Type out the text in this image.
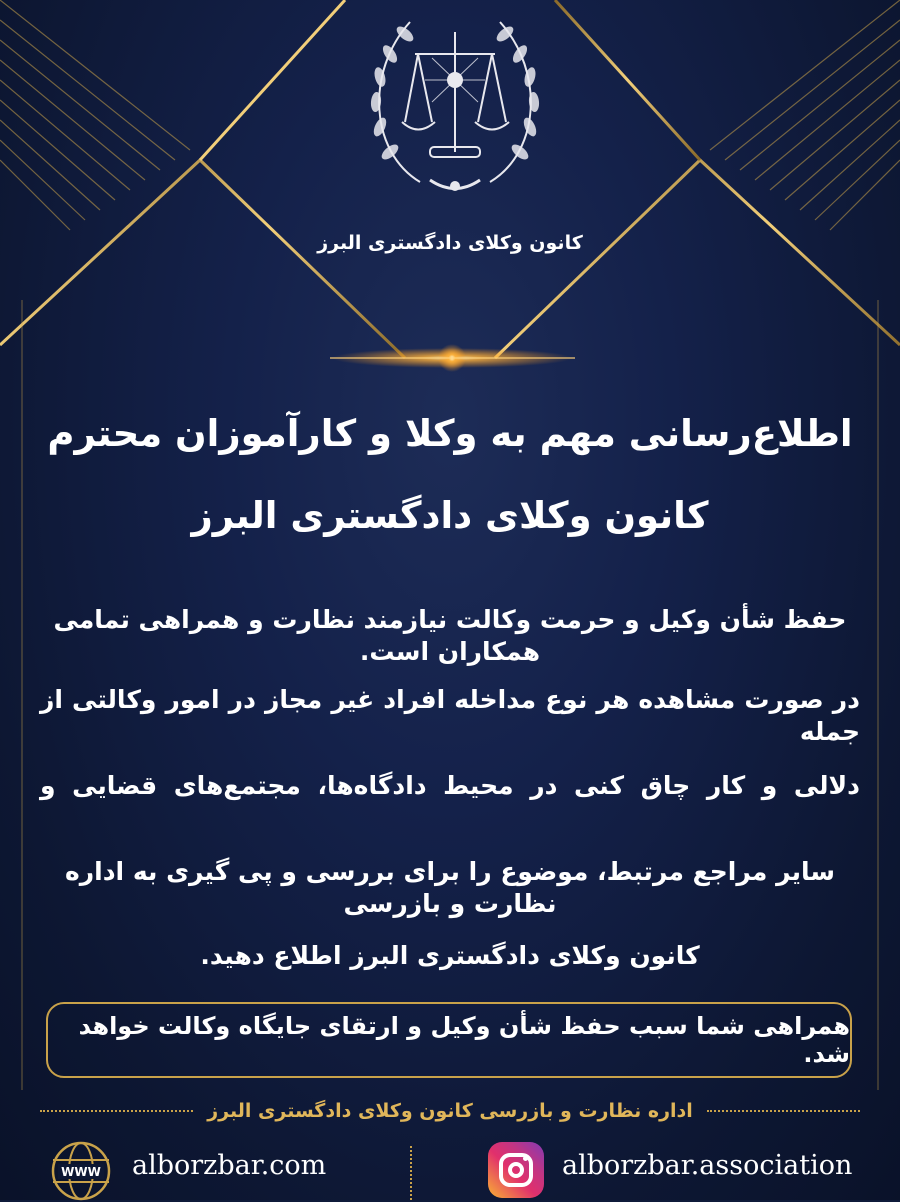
کانون وکلای دادگستری البرز
اطلاع‌رسانی مهم به وکلا و کارآموزان محترم
کانون وکلای دادگستری البرز
حفظ شأن وکیل و حرمت وکالت نیازمند نظارت و همراهی تمامی همکاران است.
در صورت مشاهده هر نوع مداخله افراد غیر مجاز در امور وکالتی از جمله
دلالی و کار چاق کنی در محیط دادگاه‌ها، مجتمع‌های قضایی و
سایر مراجع مرتبط، موضوع را برای بررسی و پی گیری به اداره نظارت و بازرسی
کانون وکلای دادگستری البرز اطلاع دهید.
همراهی شما سبب حفظ شأن وکیل و ارتقای جایگاه وکالت خواهد شد.
اداره نظارت و بازرسی کانون وکلای دادگستری البرز
WWW alborzbar.com	alborzbar.association
